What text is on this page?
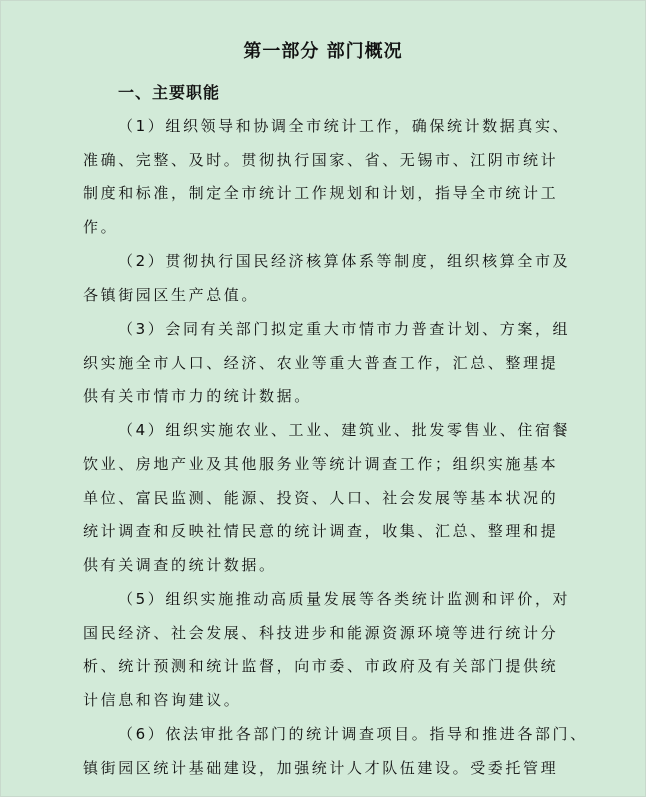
第一部分 部门概况
一、主要职能
（1）组织领导和协调全市统计工作，确保统计数据真实、
准确、完整、及时。贯彻执行国家、省、无锡市、江阴市统计
制度和标准，制定全市统计工作规划和计划，指导全市统计工
作。
（2）贯彻执行国民经济核算体系等制度，组织核算全市及
各镇街园区生产总值。
（3）会同有关部门拟定重大市情市力普查计划、方案，组
织实施全市人口、经济、农业等重大普查工作，汇总、整理提
供有关市情市力的统计数据。
（4）组织实施农业、工业、建筑业、批发零售业、住宿餐
饮业、房地产业及其他服务业等统计调查工作；组织实施基本
单位、富民监测、能源、投资、人口、社会发展等基本状况的
统计调查和反映社情民意的统计调查，收集、汇总、整理和提
供有关调查的统计数据。
（5）组织实施推动高质量发展等各类统计监测和评价，对
国民经济、社会发展、科技进步和能源资源环境等进行统计分
析、统计预测和统计监督，向市委、市政府及有关部门提供统
计信息和咨询建议。
（6）依法审批各部门的统计调查项目。指导和推进各部门、
镇街园区统计基础建设，加强统计人才队伍建设。受委托管理
